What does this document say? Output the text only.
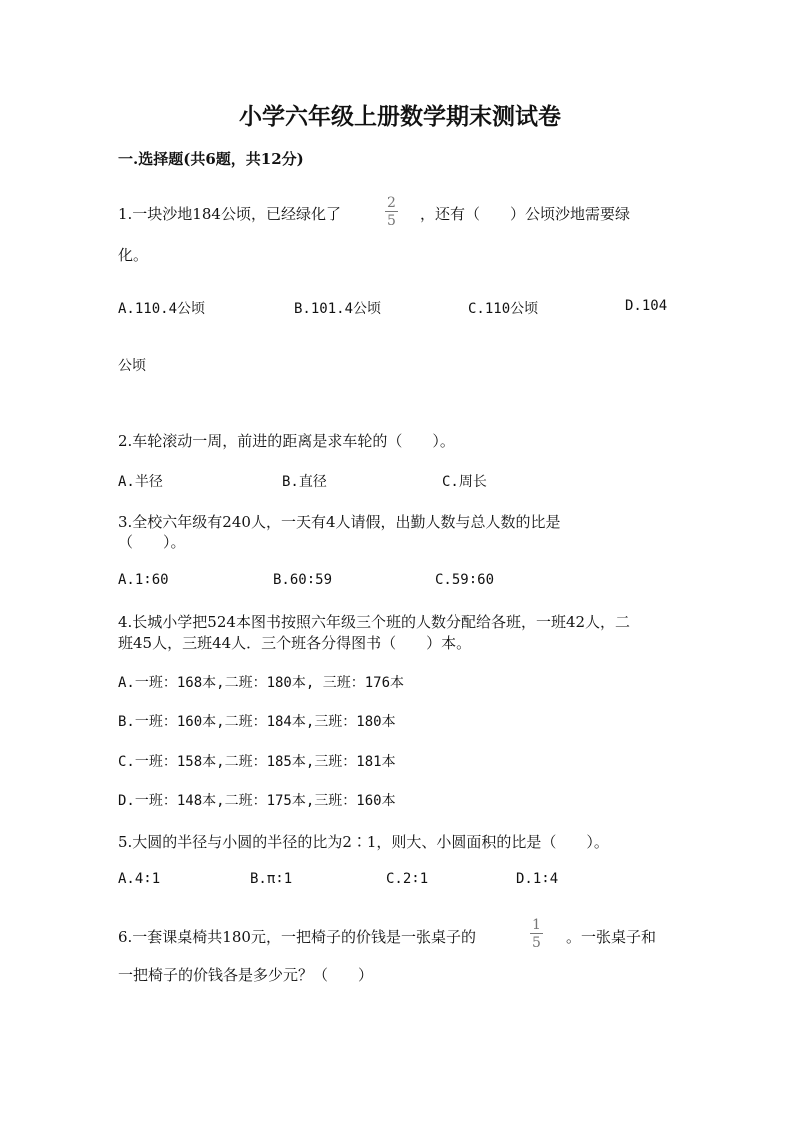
小学六年级上册数学期末测试卷
一.选择题(共6题，共12分)
1.一块沙地184公顷，已经绿化了	$\frac{2}{5}$ ，还有（　　）公顷沙地需要绿
化。
A.110.4公顷	B.101.4公顷	C.110公顷	D.104
公顷
2.车轮滚动一周，前进的距离是求车轮的（　　）。
A.半径	B.直径	C.周长
3.全校六年级有240人，一天有4人请假，出勤人数与总人数的比是
（　　）。
A.1∶60	B.60∶59	C.59∶60
4.长城小学把524本图书按照六年级三个班的人数分配给各班，一班42人，二
班45人，三班44人．三个班各分得图书（　　）本。
A.一班：168本,二班：180本, 三班：176本
B.一班：160本,二班：184本,三班：180本
C.一班：158本,二班：185本,三班：181本
D.一班：148本,二班：175本,三班：160本
5.大圆的半径与小圆的半径的比为2∶1，则大、小圆面积的比是（　　）。
A.4∶1	B.π∶1	C.2∶1	D.1∶4
6.一套课桌椅共180元，一把椅子的价钱是一张桌子的	$\frac{1}{5}$ 。一张桌子和
一把椅子的价钱各是多少元？（　　）
